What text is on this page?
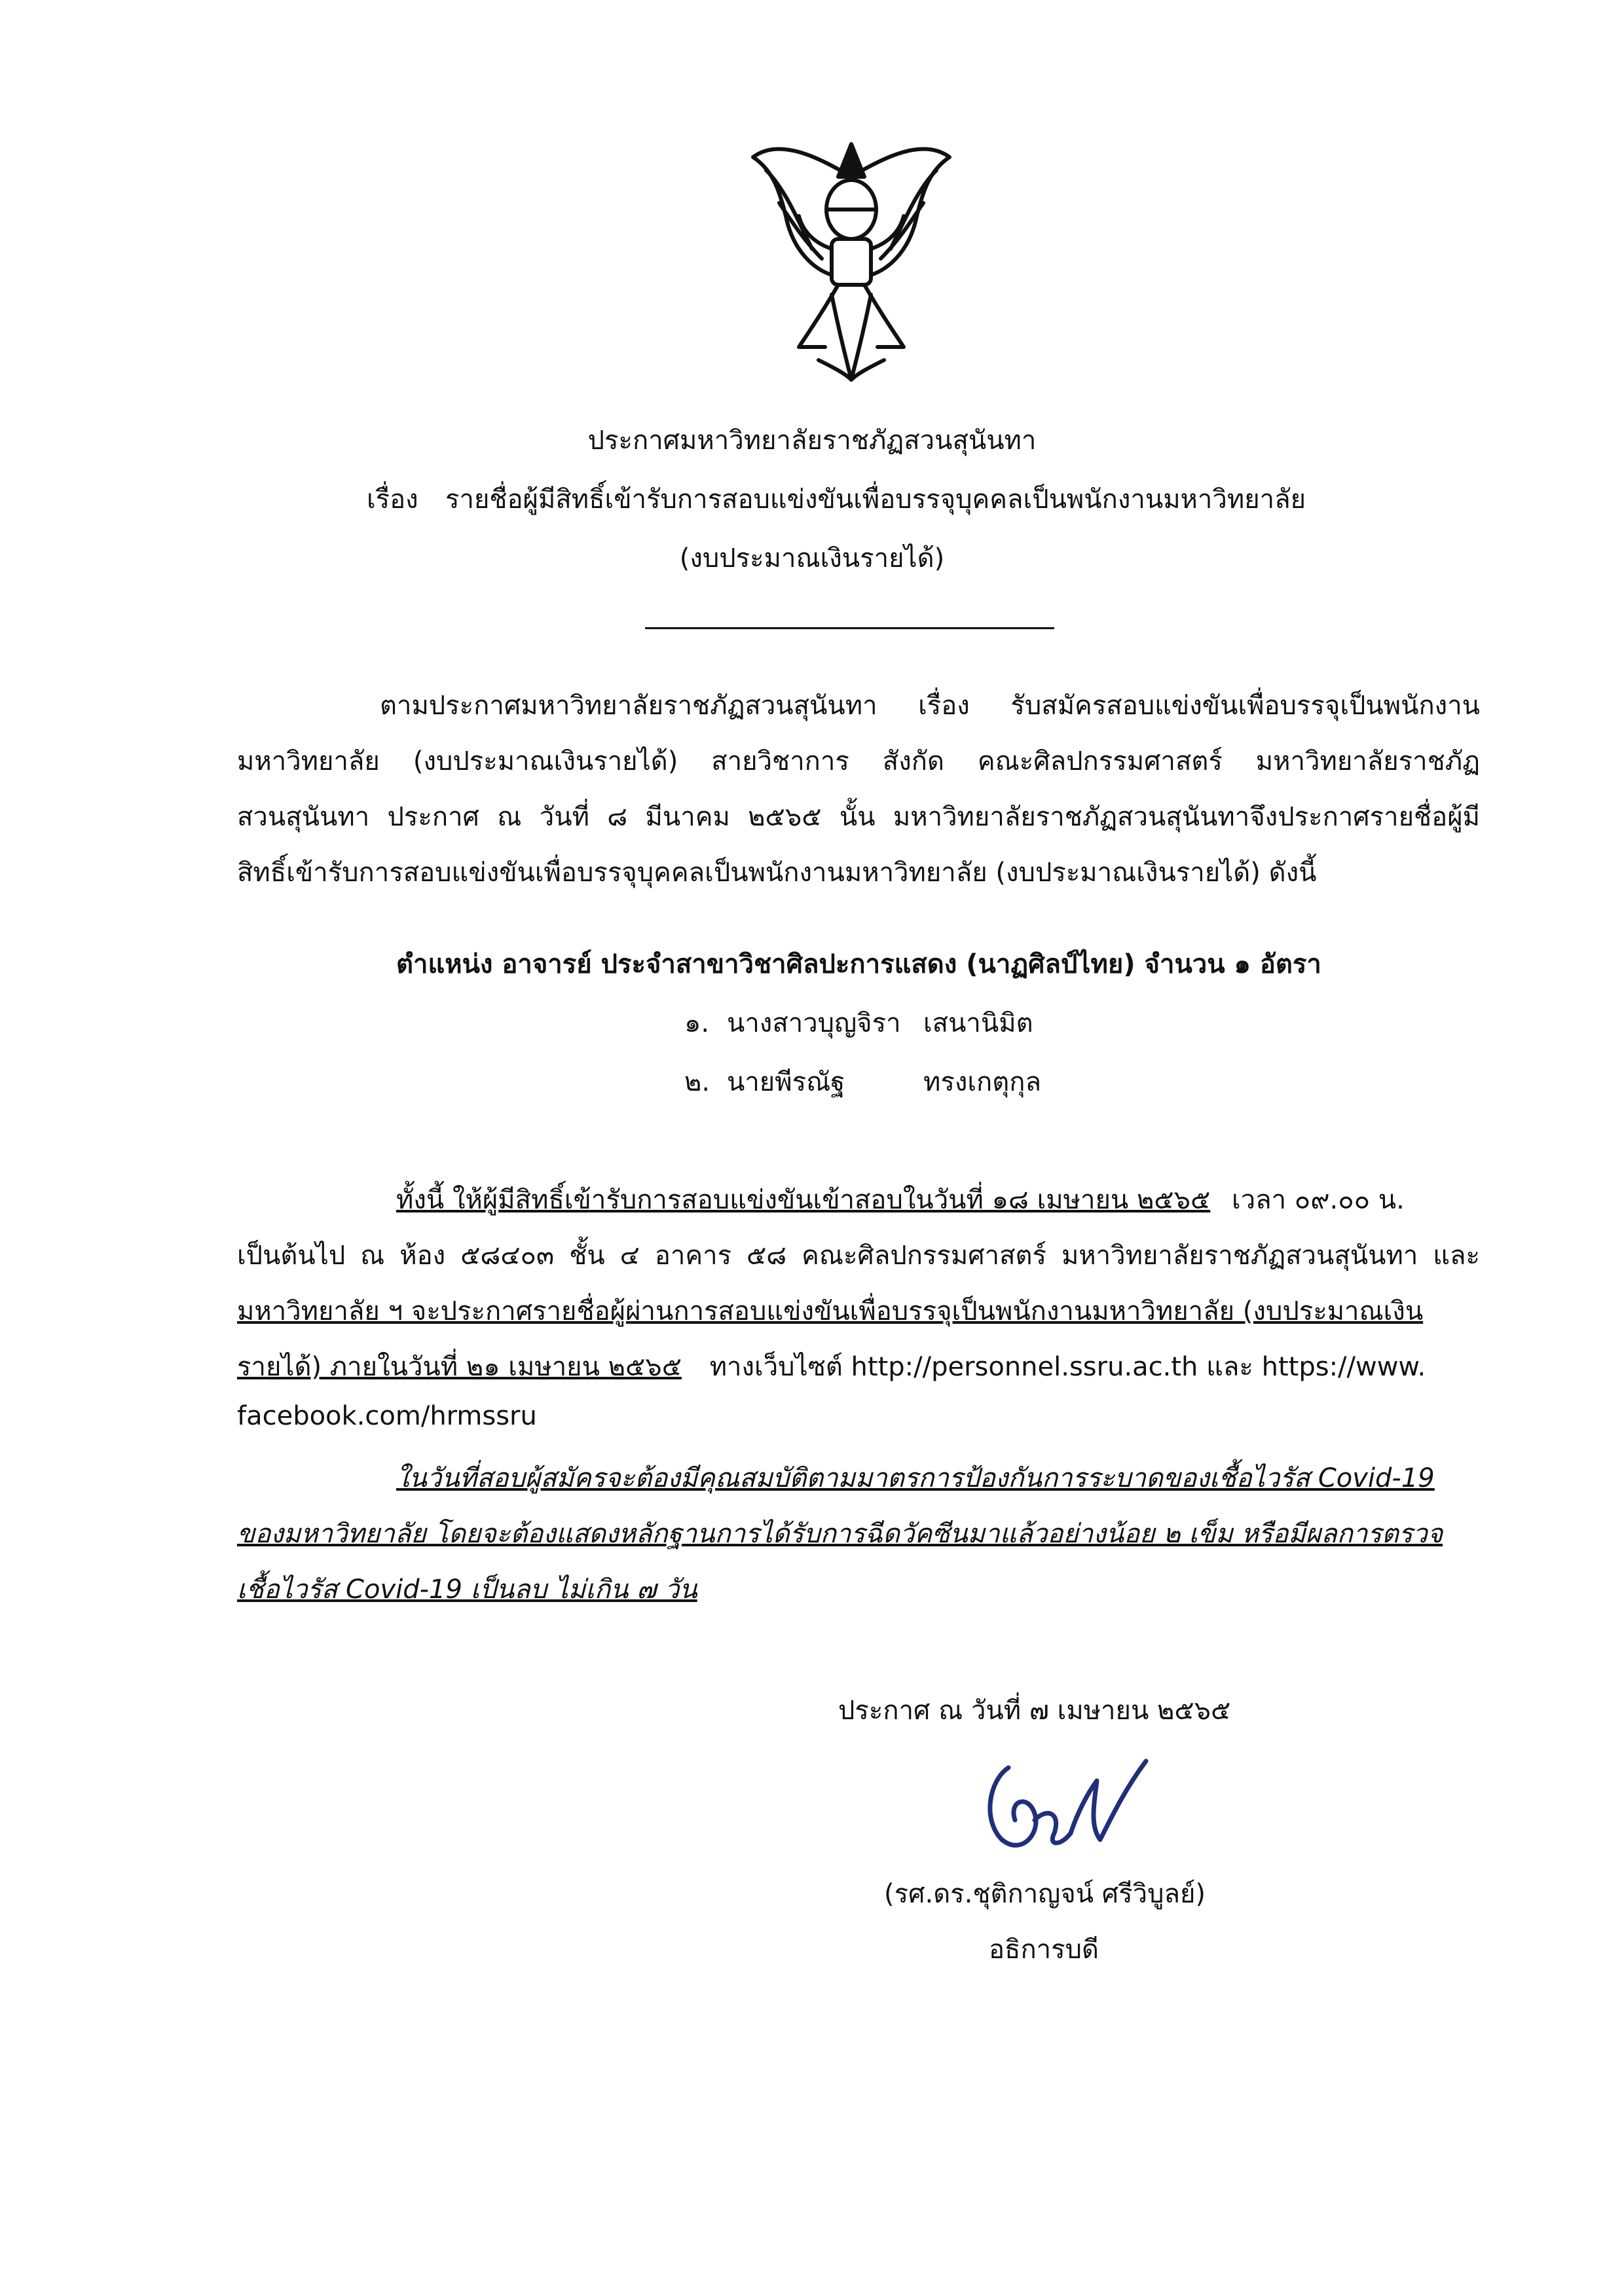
ประกาศมหาวิทยาลัยราชภัฏสวนสุนันทา
เรื่อง รายชื่อผู้มีสิทธิ์เข้ารับการสอบแข่งขันเพื่อบรรจุบุคคลเป็นพนักงานมหาวิทยาลัย
(งบประมาณเงินรายได้)
ตามประกาศมหาวิทยาลัยราชภัฏสวนสุนันทา เรื่อง รับสมัครสอบแข่งขันเพื่อบรรจุเป็นพนักงาน
มหาวิทยาลัย (งบประมาณเงินรายได้) สายวิชาการ สังกัด คณะศิลปกรรมศาสตร์ มหาวิทยาลัยราชภัฏ
สวนสุนันทา ประกาศ ณ วันที่ ๘ มีนาคม ๒๕๖๕ นั้น มหาวิทยาลัยราชภัฏสวนสุนันทาจึงประกาศรายชื่อผู้มี
สิทธิ์เข้ารับการสอบแข่งขันเพื่อบรรจุบุคคลเป็นพนักงานมหาวิทยาลัย (งบประมาณเงินรายได้) ดังนี้
ตำแหน่ง อาจารย์ ประจำสาขาวิชาศิลปะการแสดง (นาฏศิลป์ไทย) จำนวน ๑ อัตรา
๑. นางสาวบุญจิรา เสนานิมิต
๒. นายพีรณัฐ	ทรงเกตุกุล
ทั้งนี้ ให้ผู้มีสิทธิ์เข้ารับการสอบแข่งขันเข้าสอบในวันที่ ๑๘ เมษายน ๒๕๖๕ เวลา ๐๙.๐๐ น.
เป็นต้นไป ณ ห้อง ๕๘๔๐๓ ชั้น ๔ อาคาร ๕๘ คณะศิลปกรรมศาสตร์ มหาวิทยาลัยราชภัฏสวนสุนันทา และ
มหาวิทยาลัย ฯ จะประกาศรายชื่อผู้ผ่านการสอบแข่งขันเพื่อบรรจุเป็นพนักงานมหาวิทยาลัย (งบประมาณเงิน
รายได้) ภายในวันที่ ๒๑ เมษายน ๒๕๖๕ ทางเว็บไซต์ http://personnel.ssru.ac.th และ https://www.
facebook.com/hrmssru
ในวันที่สอบผู้สมัครจะต้องมีคุณสมบัติตามมาตรการป้องกันการระบาดของเชื้อไวรัส Covid-19
ของมหาวิทยาลัย โดยจะต้องแสดงหลักฐานการได้รับการฉีดวัคซีนมาแล้วอย่างน้อย ๒ เข็ม หรือมีผลการตรวจ
เชื้อไวรัส Covid-19 เป็นลบ ไม่เกิน ๗ วัน
ประกาศ ณ วันที่ ๗ เมษายน ๒๕๖๕
(รศ.ดร.ชุติกาญจน์ ศรีวิบูลย์)
อธิการบดี
